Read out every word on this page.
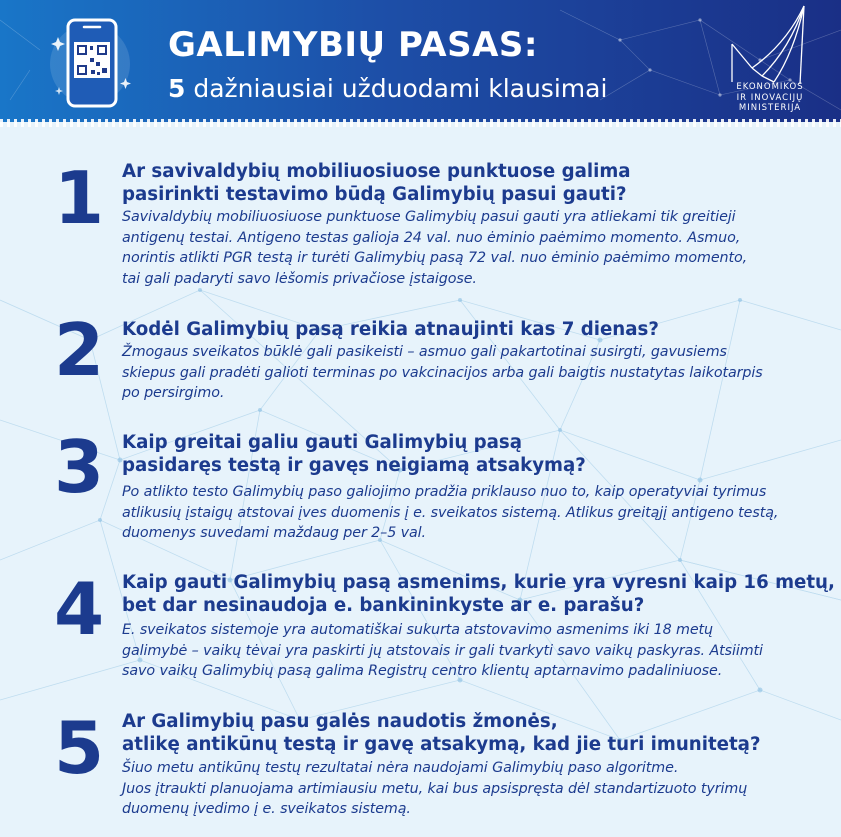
GALIMYBIŲ PASAS:
5 dažniausiai užduodami klausimai	EKONOMIKOS
IR INOVACIJŲ
MINISTERIJA
1 Ar savivaldybių mobiliuosiuose punktuose galima
pasirinkti testavimo būdą Galimybių pasui gauti?
Savivaldybių mobiliuosiuose punktuose Galimybių pasui gauti yra atliekami tik greitieji
antigenų testai. Antigeno testas galioja 24 val. nuo ėminio paėmimo momento. Asmuo,
norintis atlikti PGR testą ir turėti Galimybių pasą 72 val. nuo ėminio paėmimo momento,
tai gali padaryti savo lėšomis privačiose įstaigose.
2 Kodėl Galimybių pasą reikia atnaujinti kas 7 dienas?
Žmogaus sveikatos būklė gali pasikeisti – asmuo gali pakartotinai susirgti, gavusiems
skiepus gali pradėti galioti terminas po vakcinacijos arba gali baigtis nustatytas laikotarpis
po persirgimo.
3 Kaip greitai galiu gauti Galimybių pasą
pasidaręs testą ir gavęs neigiamą atsakymą?
Po atlikto testo Galimybių paso galiojimo pradžia priklauso nuo to, kaip operatyviai tyrimus
atlikusių įstaigų atstovai įves duomenis į e. sveikatos sistemą. Atlikus greitąjį antigeno testą,
duomenys suvedami maždaug per 2–5 val.
4 Kaip gauti Galimybių pasą asmenims, kurie yra vyresni kaip 16 metų,
bet dar nesinaudoja e. bankininkyste ar e. parašu?
E. sveikatos sistemoje yra automatiškai sukurta atstovavimo asmenims iki 18 metų
galimybė – vaikų tėvai yra paskirti jų atstovais ir gali tvarkyti savo vaikų paskyras. Atsiimti
savo vaikų Galimybių pasą galima Registrų centro klientų aptarnavimo padaliniuose.
5 Ar Galimybių pasu galės naudotis žmonės,
atlikę antikūnų testą ir gavę atsakymą, kad jie turi imunitetą?
Šiuo metu antikūnų testų rezultatai nėra naudojami Galimybių paso algoritme.
Juos įtraukti planuojama artimiausiu metu, kai bus apsispręsta dėl standartizuoto tyrimų
duomenų įvedimo į e. sveikatos sistemą.
